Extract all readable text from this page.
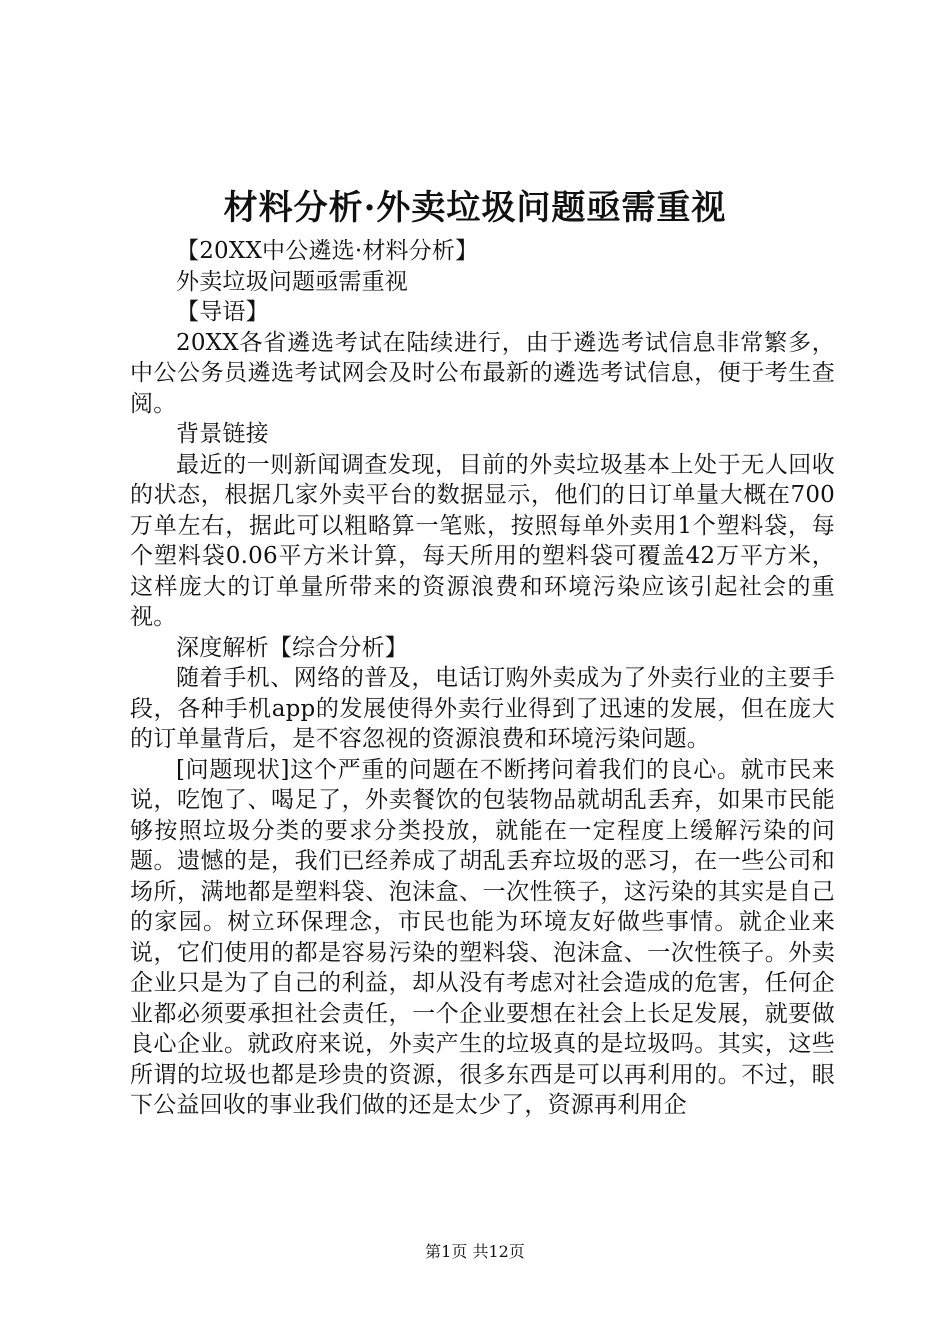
材料分析·外卖垃圾问题亟需重视

【20XX中公遴选·材料分析】

外卖垃圾问题亟需重视

【导语】

20XX各省遴选考试在陆续进行，由于遴选考试信息非常繁多，中公公务员遴选考试网会及时公布最新的遴选考试信息，便于考生查阅。

背景链接

最近的一则新闻调查发现，目前的外卖垃圾基本上处于无人回收的状态，根据几家外卖平台的数据显示，他们的日订单量大概在700万单左右，据此可以粗略算一笔账，按照每单外卖用1个塑料袋，每个塑料袋0.06平方米计算，每天所用的塑料袋可覆盖42万平方米，这样庞大的订单量所带来的资源浪费和环境污染应该引起社会的重视。

深度解析【综合分析】

随着手机、网络的普及，电话订购外卖成为了外卖行业的主要手段，各种手机app的发展使得外卖行业得到了迅速的发展，但在庞大的订单量背后，是不容忽视的资源浪费和环境污染问题。

[问题现状]这个严重的问题在不断拷问着我们的良心。就市民来说，吃饱了、喝足了，外卖餐饮的包装物品就胡乱丢弃，如果市民能够按照垃圾分类的要求分类投放，就能在一定程度上缓解污染的问题。遗憾的是，我们已经养成了胡乱丢弃垃圾的恶习，在一些公司和场所，满地都是塑料袋、泡沫盒、一次性筷子，这污染的其实是自己的家园。树立环保理念，市民也能为环境友好做些事情。就企业来说，它们使用的都是容易污染的塑料袋、泡沫盒、一次性筷子。外卖企业只是为了自己的利益，却从没有考虑对社会造成的危害，任何企业都必须要承担社会责任，一个企业要想在社会上长足发展，就要做良心企业。就政府来说，外卖产生的垃圾真的是垃圾吗。其实，这些所谓的垃圾也都是珍贵的资源，很多东西是可以再利用的。不过，眼下公益回收的事业我们做的还是太少了，资源再利用企

第1页 共12页
